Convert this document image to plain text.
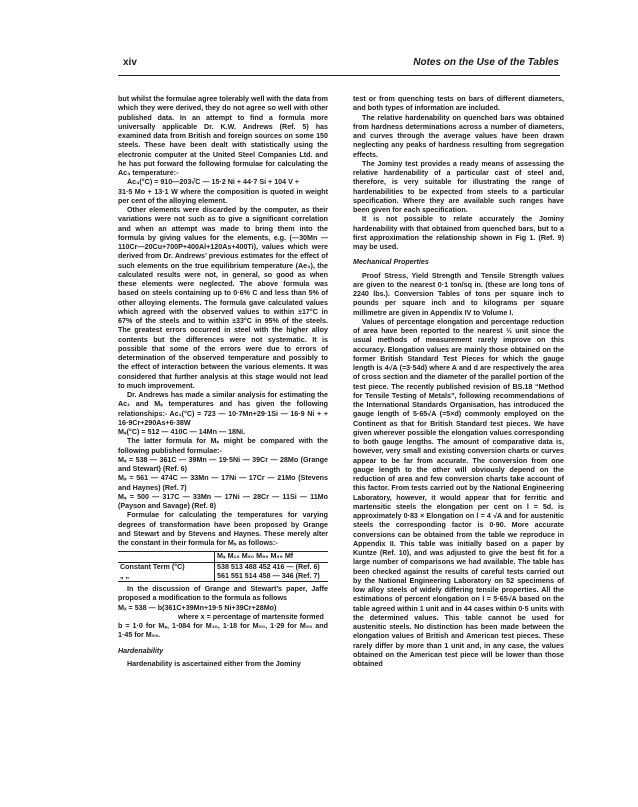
xiv	Notes on the Use of the Tables

but whilst the formulae agree tolerably well with the data from which they were derived, they do not agree so well with other published data. In an attempt to find a formula more universally applicable Dr. K.W. Andrews (Ref. 5) has examined data from British and foreign sources on some 150 steels. These have been dealt with statistically using the electronic computer at the United Steel Companies Ltd. and he has put forward the following formulae for calculating the Ac₃ temperature:-

Ac₃(°C) = 910—203√̅C — 15·2 Ni + 44·7 Si + 104 V +

31·5 Mo + 13·1 W where the composition is quoted in weight per cent of the alloying element.

Other elements were discarded by the computer, as their variations were not such as to give a significant correlation and when an attempt was made to bring them into the formula by giving values for the elements, e.g. (—30Mn —110Cr—20Cu+700P+400Al+120As+400Ti), values which were derived from Dr. Andrews’ previous estimates for the effect of such elements on the true equilibrium temperature (Ae₃), the calculated results were not, in general, so good as when these elements were neglected. The above formula was based on steels containing up to 0·6% C and less than 5% of other alloying elements. The formula gave calculated values which agreed with the observed values to within ±17°C in 67% of the steels and to within ±33°C in 95% of the steels. The greatest errors occurred in steel with the higher alloy contents but the differences were not systematic. It is possible that some of the errors were due to errors of determination of the observed temperature and possibly to the effect of interaction between the various elements. It was considered that further analysis at this stage would not lead to much improvement.

Dr. Andrews has made a similar analysis for estimating the Ac₁ and Mₛ temperatures and has given the following relationships:- Ac₁(°C) = 723 — 10·7Mn+29·1Si — 16·9 Ni + + 16·9Cr+290As+6·38W

Mₛ(°C) = 512 — 410C — 14Mn — 18Ni.

The latter formula for Mₛ might be compared with the following published formulae:-

Mₛ = 538 — 361C — 39Mn — 19·5Ni — 39Cr — 28Mo (Grange and Stewart) (Ref. 6)

Mₛ = 561 — 474C — 33Mn — 17Ni — 17Cr — 21Mo (Stevens and Haynes) (Ref. 7)

Mₛ = 500 — 317C — 33Mn — 17Ni — 28Cr — 11Si — 11Mo (Payson and Savage) (Ref. 8)

Formulae for calculating the temperatures for varying degrees of transformation have been proposed by Grange and Stewart and by Stevens and Haynes. These merely alter the constant in their formula for Mₛ as follows:-

	Mₛ M₁₀ M₅₀ M₉₀ M₉₉ Mf
Constant Term (°C)	538 513 488 452 416 — (Ref. 6)
„ „	561 551 514 458 — 346 (Ref. 7)

In the discussion of Grange and Stewart’s paper, Jaffe proposed a modification to the formula as follows

Mₓ = 538 — b(361C+39Mn+19·5 Ni+39Cr+28Mo)

where x = percentage of martensite formed

b = 1·0 for Mₛ, 1·084 for M₁₀, 1·18 for M₅₀, 1·29 for M₉₀ and 1·45 for M₉₉.

Hardenability

Hardenability is ascertained either from the Jominy

test or from quenching tests on bars of different diameters, and both types of information are included.

The relative hardenability on quenched bars was obtained from hardness determinations across a number of diameters, and curves through the average values have been drawn neglecting any peaks of hardness resulting from segregation effects.

The Jominy test provides a ready means of assessing the relative hardenability of a particular cast of steel and, therefore, is very suitable for illustrating the range of hardenabilities to be expected from steels to a particular specification. Where they are available such ranges have been given for each specification.

It is not possible to relate accurately the Jominy hardenability with that obtained from quenched bars, but to a first approximation the relationship shown in Fig 1. (Ref. 9) may be used.

Mechanical Properties

Proof Stress, Yield Strength and Tensile Strength values are given to the nearest 0·1 ton/sq in. (these are long tons of 2240 lbs.). Conversion Tables of tons per square inch to pounds per square inch and to kilograms per square millimetre are given in Appendix IV to Volume I.

Values of percentage elongation and percentage reduction of area have been reported to the nearest ½ unit since the usual methods of measurement rarely improve on this accuracy. Elongation values are mainly those obtained on the former British Standard Test Pieces for which the gauge length is 4√A (=3·54d) where A and d are respectively the area of cross section and the diameter of the parallel portion of the test piece. The recently published revision of BS.18 “Method for Tensile Testing of Metals”, following recommendations of the International Standards Organisation, has introduced the gauge length of 5·65√A (=5×d) commonly employed on the Continent as that for British Standard test pieces. We have given wherever possible the elongation values corresponding to both gauge lengths. The amount of comparative data is, however, very small and existing conversion charts or curves appear to be far from accurate. The conversion from one gauge length to the other will obviously depend on the reduction of area and few conversion charts take account of this factor. From tests carried out by the National Engineering Laboratory, however, it would appear that for ferritic and martensitic steels the elongation per cent on l = 5d. is approximately 0·83 × Elongation on l = 4 √A and for austenitic steels the corresponding factor is 0·90. More accurate conversions can be obtained from the table we reproduce in Appendix II. This table was initially based on a paper by Kuntze (Ref. 10), and was adjusted to give the best fit for a large number of comparisons we had available. The table has been checked against the results of careful tests carried out by the National Engineering Laboratory on 52 specimens of low alloy steels of widely differing tensile properties. All the estimations of percent elongation on l = 5·65√A based on the table agreed within 1 unit and in 44 cases within 0·5 units with the determined values. This table cannot be used for austenitic steels. No distinction has been made between the elongation values of British and American test pieces. These rarely differ by more than 1 unit and, in any case, the values obtained on the American test piece will be lower than those obtained
